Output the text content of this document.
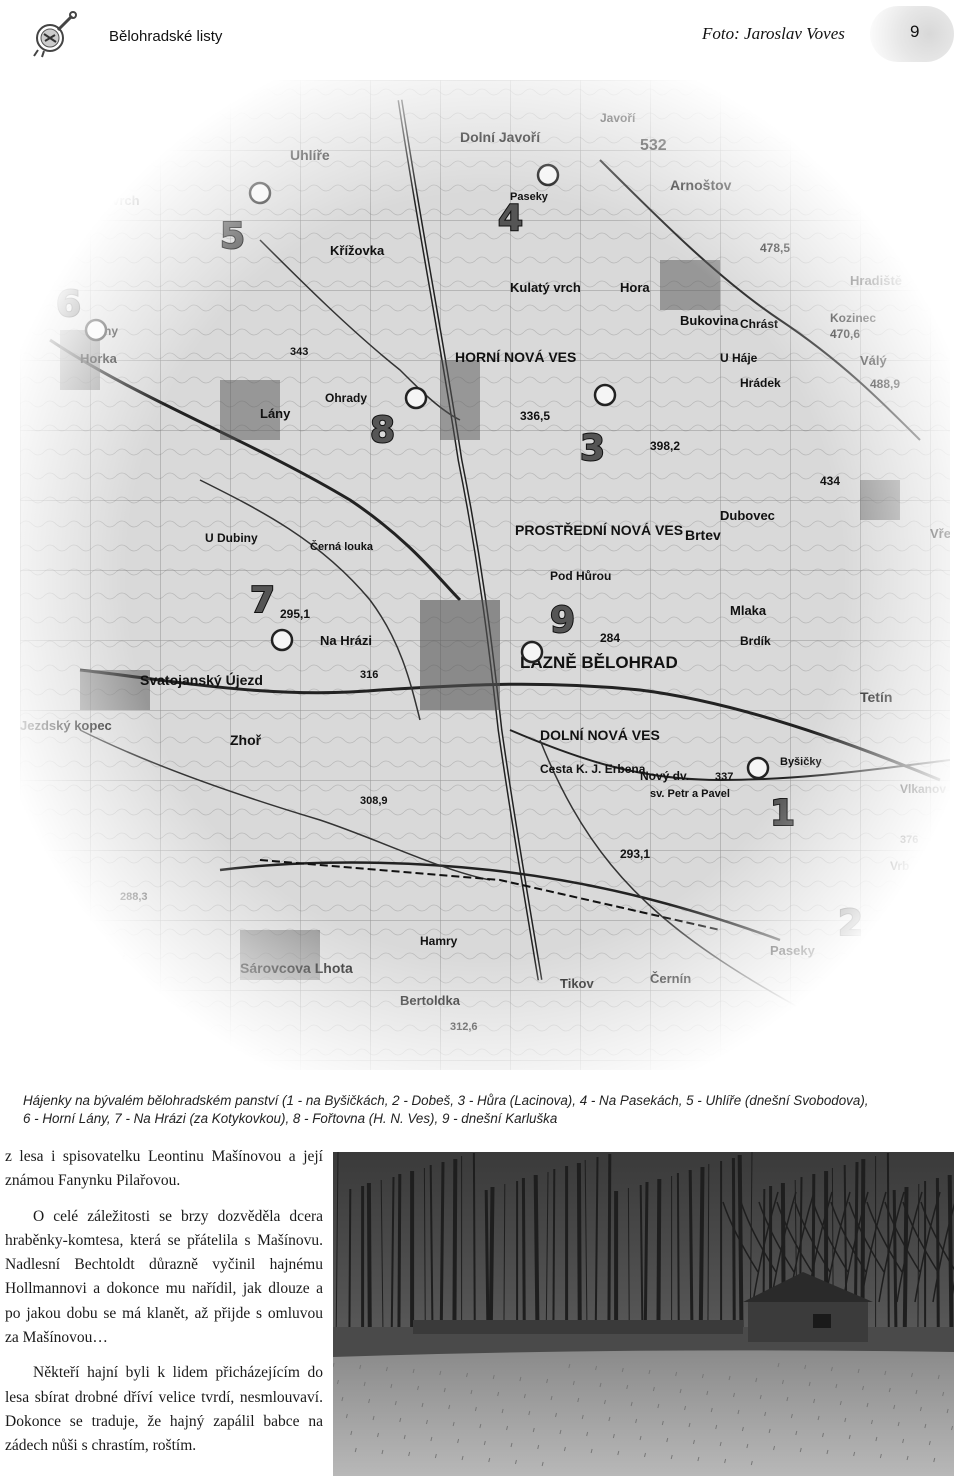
Bělohradské listy	Foto: Jaroslav Voves	9
Hájenky na bývalém bělohradském panství (1 - na Byšičkách, 2 - Dobeš, 3 - Hůra (Lacinova), 4 - Na Pasekách, 5 - Uhlíře (dnešní Svobodova),
6 - Horní Lány, 7 - Na Hrázi (za Kotykovkou), 8 - Fořtovna (H. N. Ves), 9 - dnešní Karluška

z lesa i spisovatelku Leontinu Mašínovou a její známou Fanynku Pilařovou.

O celé záležitosti se brzy dozvěděla dcera hraběnky-komtesa, která se přátelila s Mašínovu. Nadlesní Bechtoldt důrazně vyčinil hajnému Hollmannovi a dokonce mu nařídil, jak dlouze a po jakou dobu se má klanět, až přijde s omluvou za Mašínovou…

Někteří hajní byli k lidem přicházejícím do lesa sbírat drobné dříví velice tvrdí, nesmlouvaví. Dokonce se traduje, že hajný zapálil babce na zádech nůši s chrastím, roštím.
